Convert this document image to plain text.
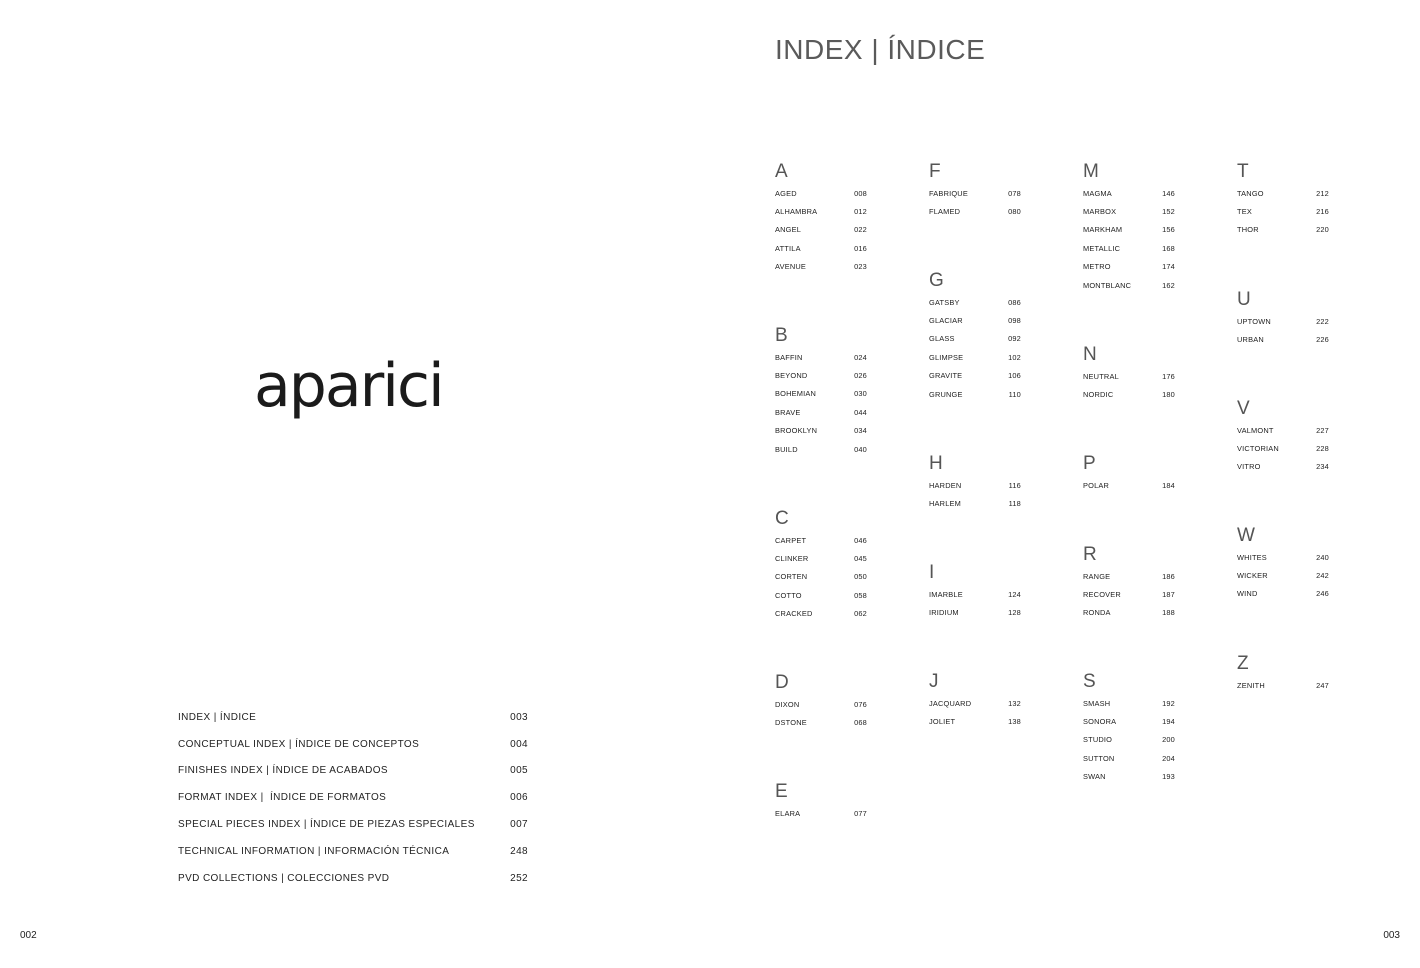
aparici
INDEX | ÍNDICE	003
CONCEPTUAL INDEX | ÍNDICE DE CONCEPTOS	004
FINISHES INDEX | ÍNDICE DE ACABADOS	005
FORMAT INDEX |  ÍNDICE DE FORMATOS	006
SPECIAL PIECES INDEX | ÍNDICE DE PIEZAS ESPECIALES	007
TECHNICAL INFORMATION | INFORMACIÓN TÉCNICA	248
PVD COLLECTIONS | COLECCIONES PVD	252
002
INDEX | ÍNDICE
A
AGED	008
ALHAMBRA	012
ANGEL	022
ATTILA	016
AVENUE	023
B
BAFFIN	024
BEYOND	026
BOHEMIAN	030
BRAVE	044
BROOKLYN	034
BUILD	040
C
CARPET	046
CLINKER	045
CORTEN	050
COTTO	058
CRACKED	062
D
DIXON	076
DSTONE	068
E
ELARA	077
F
FABRIQUE	078
FLAMED	080
G
GATSBY	086
GLACIAR	098
GLASS	092
GLIMPSE	102
GRAVITE	106
GRUNGE	110
H
HARDEN	116
HARLEM	118
I
IMARBLE	124
IRIDIUM	128
J
JACQUARD	132
JOLIET	138
M
MAGMA	146
MARBOX	152
MARKHAM	156
METALLIC	168
METRO	174
MONTBLANC	162
N
NEUTRAL	176
NORDIC	180
P
POLAR	184
R
RANGE	186
RECOVER	187
RONDA	188
S
SMASH	192
SONORA	194
STUDIO	200
SUTTON	204
SWAN	193
T
TANGO	212
TEX	216
THOR	220
U
UPTOWN	222
URBAN	226
V
VALMONT	227
VICTORIAN	228
VITRO	234
W
WHITES	240
WICKER	242
WIND	246
Z
ZENITH	247
003
